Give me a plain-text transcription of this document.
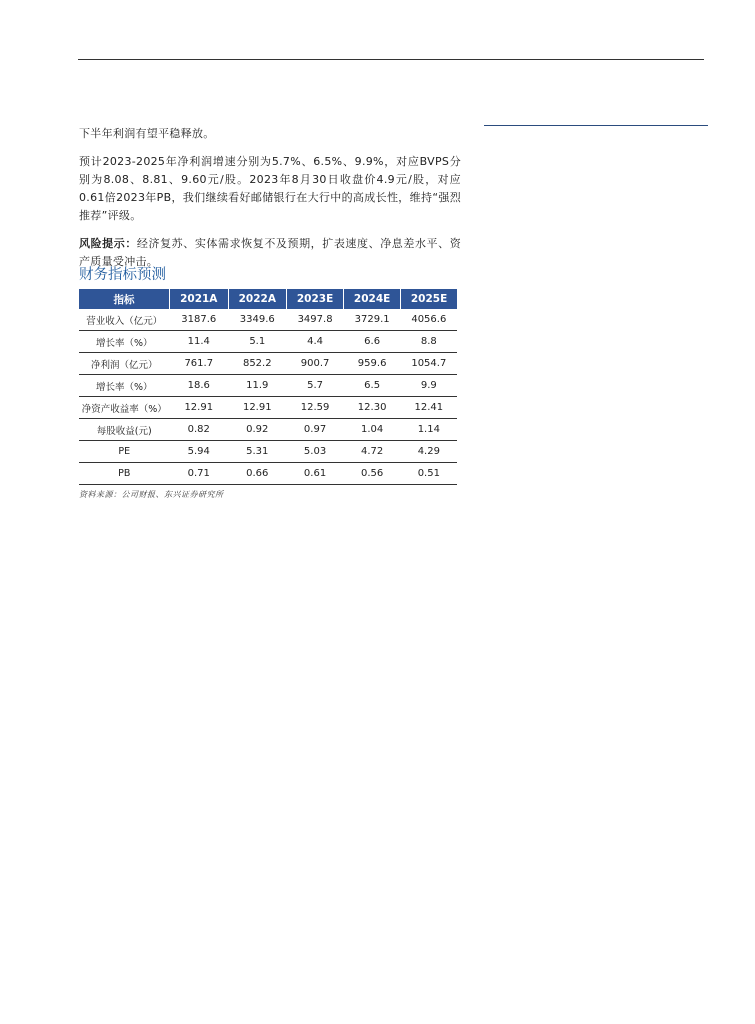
下半年利润有望平稳释放。

预计2023-2025年净利润增速分别为5.7%、6.5%、9.9%，对应BVPS分别为8.08、8.81、9.60元/股。2023年8月30日收盘价4.9元/股，对应0.61倍2023年PB，我们继续看好邮储银行在大行中的高成长性，维持“强烈推荐”评级。

风险提示：经济复苏、实体需求恢复不及预期，扩表速度、净息差水平、资产质量受冲击。

财务指标预测
指标	2021A	2022A	2023E	2024E	2025E
营业收入（亿元）	3187.6	3349.6	3497.8	3729.1	4056.6
增长率（%）	11.4	5.1	4.4	6.6	8.8
净利润（亿元）	761.7	852.2	900.7	959.6	1054.7
增长率（%）	18.6	11.9	5.7	6.5	9.9
净资产收益率（%）	12.91	12.91	12.59	12.30	12.41
每股收益(元)	0.82	0.92	0.97	1.04	1.14
PE	5.94	5.31	5.03	4.72	4.29
PB	0.71	0.66	0.61	0.56	0.51
资料来源：公司财报、东兴证券研究所
